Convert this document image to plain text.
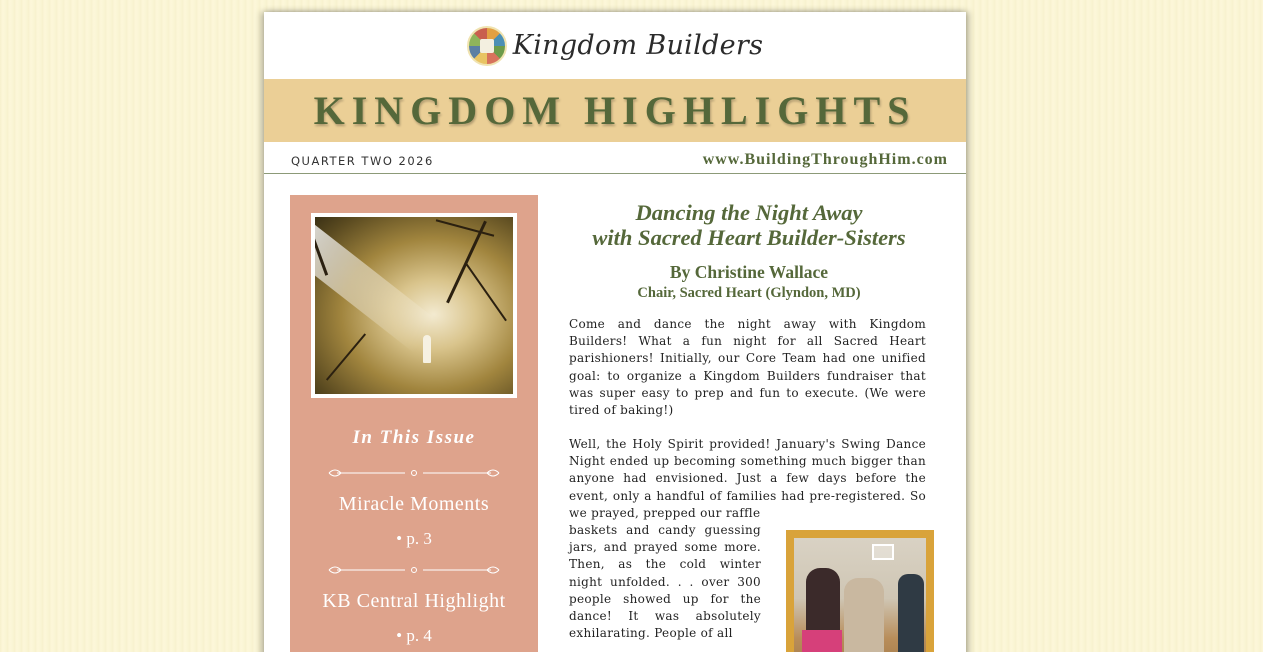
Kingdom Builders
KINGDOM HIGHLIGHTS
QUARTER TWO 2026	www.BuildingThroughHim.com
In This Issue
Miracle Moments
• p. 3
KB Central Highlight
• p. 4
Dancing the Night Away
with Sacred Heart Builder-Sisters
By Christine Wallace
Chair, Sacred Heart (Glyndon, MD)

Come and dance the night away with Kingdom Builders! What a fun night for all Sacred Heart parishioners! Initially, our Core Team had one unified goal: to organize a Kingdom Builders fundraiser that was super easy to prep and fun to execute. (We were tired of baking!)

Well, the Holy Spirit provided! January's Swing Dance Night ended up becoming something much bigger than anyone had envisioned. Just a few days before the event, only a handful of families had pre-registered. So we prayed, prepped our raffle

baskets and candy guessing jars, and prayed some more. Then, as the cold winter night unfolded. . . over 300 people showed up for the dance! It was absolutely exhilarating. People of all
